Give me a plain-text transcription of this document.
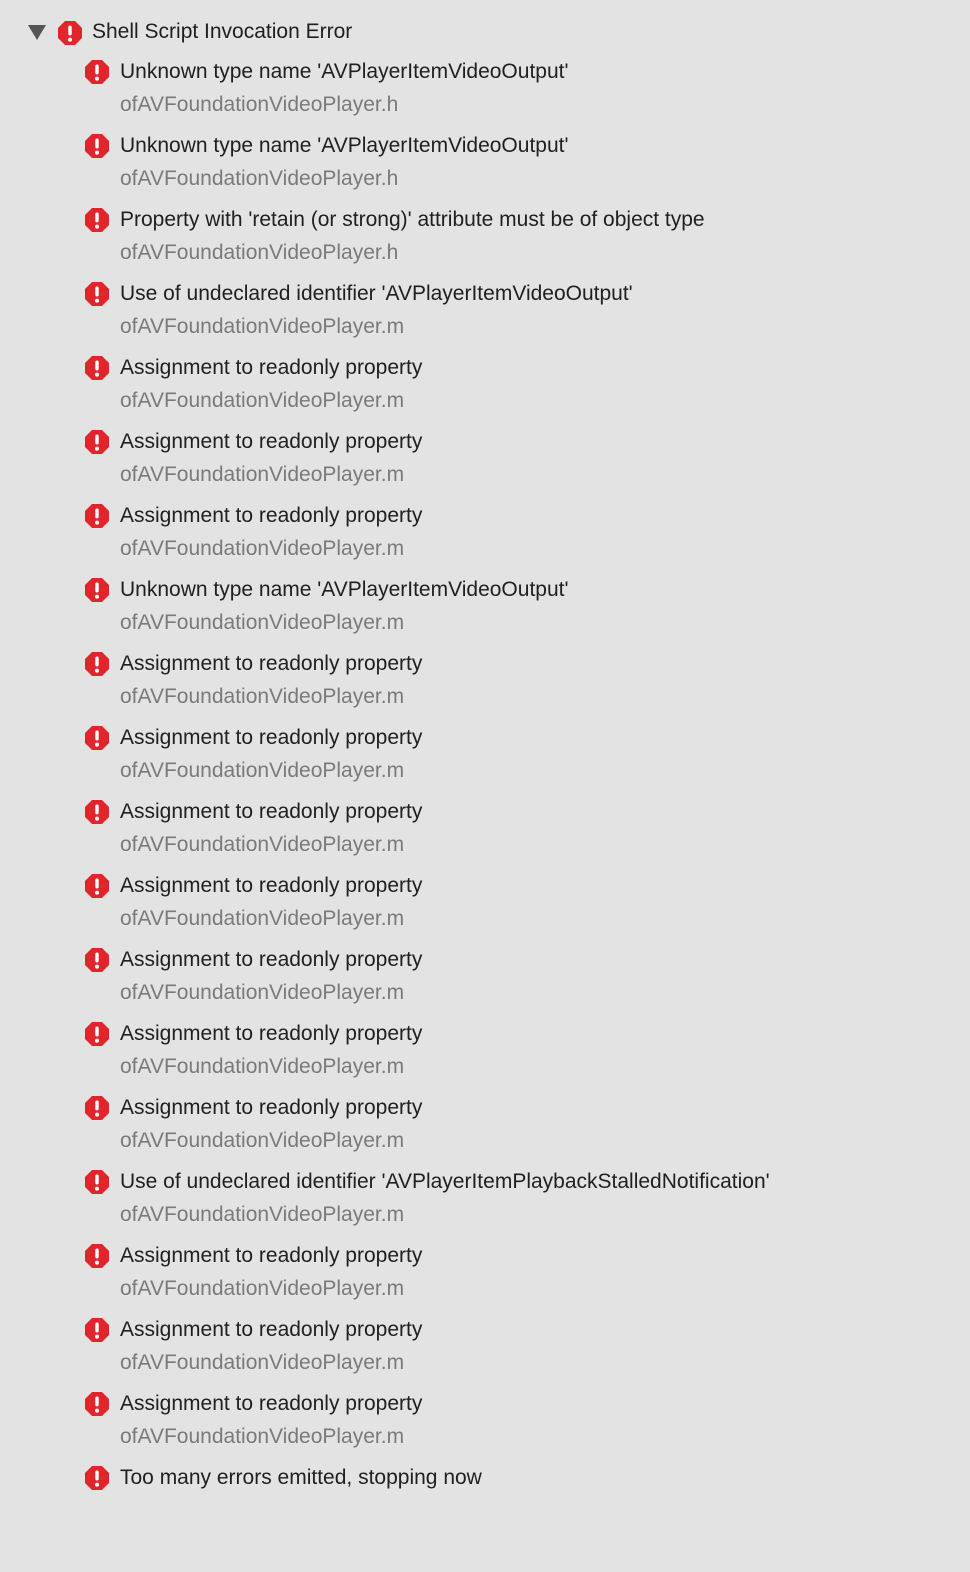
Shell Script Invocation Error
Unknown type name 'AVPlayerItemVideoOutput'
ofAVFoundationVideoPlayer.h
Unknown type name 'AVPlayerItemVideoOutput'
ofAVFoundationVideoPlayer.h
Property with 'retain (or strong)' attribute must be of object type
ofAVFoundationVideoPlayer.h
Use of undeclared identifier 'AVPlayerItemVideoOutput'
ofAVFoundationVideoPlayer.m
Assignment to readonly property
ofAVFoundationVideoPlayer.m
Assignment to readonly property
ofAVFoundationVideoPlayer.m
Assignment to readonly property
ofAVFoundationVideoPlayer.m
Unknown type name 'AVPlayerItemVideoOutput'
ofAVFoundationVideoPlayer.m
Assignment to readonly property
ofAVFoundationVideoPlayer.m
Assignment to readonly property
ofAVFoundationVideoPlayer.m
Assignment to readonly property
ofAVFoundationVideoPlayer.m
Assignment to readonly property
ofAVFoundationVideoPlayer.m
Assignment to readonly property
ofAVFoundationVideoPlayer.m
Assignment to readonly property
ofAVFoundationVideoPlayer.m
Assignment to readonly property
ofAVFoundationVideoPlayer.m
Use of undeclared identifier 'AVPlayerItemPlaybackStalledNotification'
ofAVFoundationVideoPlayer.m
Assignment to readonly property
ofAVFoundationVideoPlayer.m
Assignment to readonly property
ofAVFoundationVideoPlayer.m
Assignment to readonly property
ofAVFoundationVideoPlayer.m
Too many errors emitted, stopping now
